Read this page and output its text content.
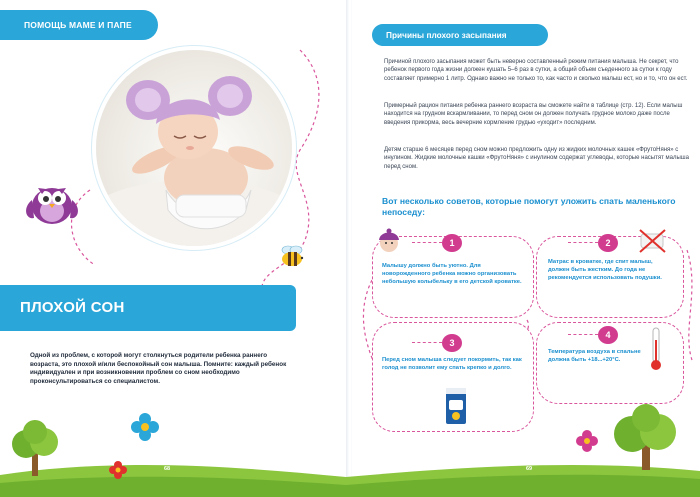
ПОМОЩЬ МАМЕ И ПАПЕ
ПЛОХОЙ СОН

Одной из проблем, с которой могут столкнуться родители ребенка раннего возраста, это плохой и/или беспокойный сон малыша. Помните: каждый ребенок индивидуален и при возникновении проблем со сном необходимо проконсультироваться со специалистом.

Причины плохого засыпания

Причиной плохого засыпания может быть неверно составленный режим питания малыша. Не секрет, что ребенок первого года жизни должен кушать 5–6 раз в сутки, а общий объем съеденного за сутки к году составляет примерно 1 литр. Однако важно не только то, как часто и сколько малыш ест, но и то, что он ест.

Примерный рацион питания ребенка раннего возраста вы сможете найти в таблице (стр. 12). Если малыш находится на грудном вскармливании, то перед сном он должен получать грудное молоко даже после введения прикорма, весь вечерние кормление грудью «уходит» последним.

Детям старше 6 месяцев перед сном можно предложить одну из жидких молочных кашек «ФрутоНяня» с инулином. Жидкие молочные кашки «ФрутоНяня» с инулином содержат углеводы, которые насытят малыша перед сном.

Вот несколько советов, которые помогут уложить спать маленького непоседу:
1
Малышу должно быть уютно. Для новорожденного ребенка можно организовать небольшую колыбельку в его детской кроватке.
2
Матрас в кроватке, где спит малыш, должен быть жестким. До года не рекомендуется использовать подушки.
3
Перед сном малыша следует покормить, так как голод не позволит ему спать крепко и долго.
4
Температура воздуха в спальне должна быть +18...+20°С.
68	69
